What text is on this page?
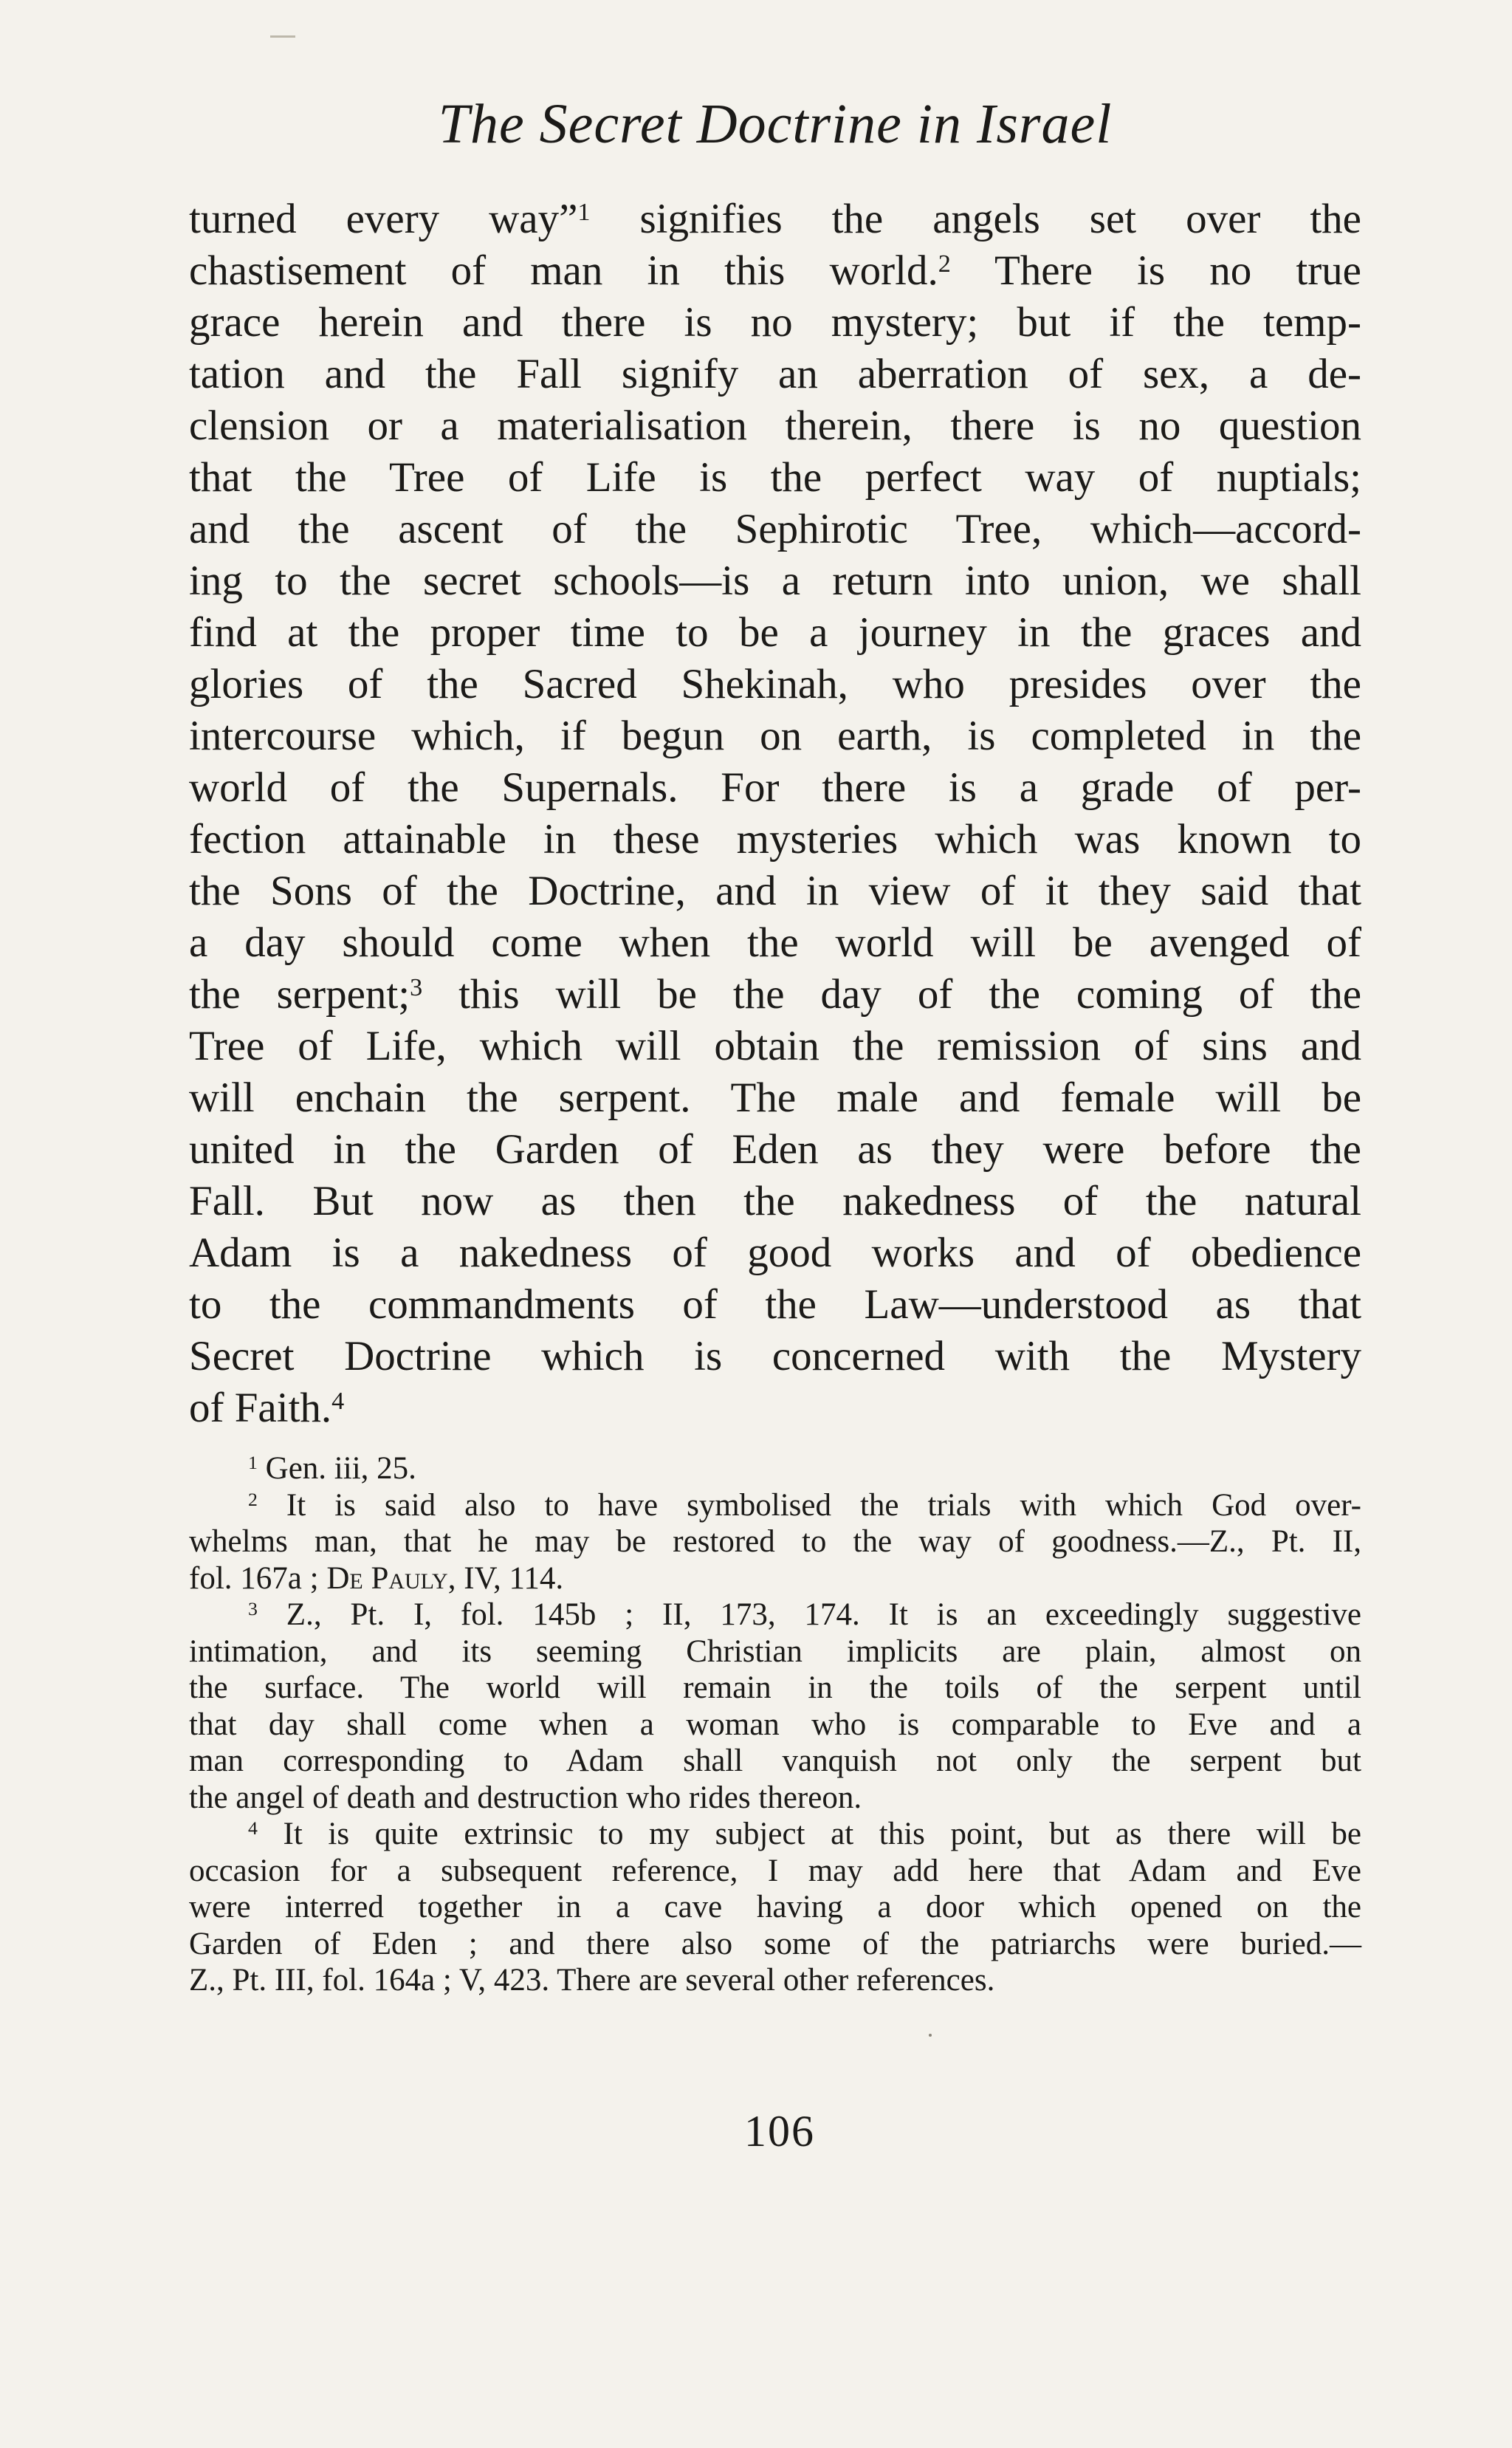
The Secret Doctrine in Israel
turned every way”$^1$ signifies the angels set over the
chastisement of man in this world.$^2$ There is no true
grace herein and there is no mystery; but if the temp-
tation and the Fall signify an aberration of sex, a de-
clension or a materialisation therein, there is no question
that the Tree of Life is the perfect way of nuptials;
and the ascent of the Sephirotic Tree, which—accord-
ing to the secret schools—is a return into union, we shall
find at the proper time to be a journey in the graces and
glories of the Sacred Shekinah, who presides over the
intercourse which, if begun on earth, is completed in the
world of the Supernals. For there is a grade of per-
fection attainable in these mysteries which was known to
the Sons of the Doctrine, and in view of it they said that
a day should come when the world will be avenged of
the serpent;$^3$ this will be the day of the coming of the
Tree of Life, which will obtain the remission of sins and
will enchain the serpent. The male and female will be
united in the Garden of Eden as they were before the
Fall. But now as then the nakedness of the natural
Adam is a nakedness of good works and of obedience
to the commandments of the Law—understood as that
Secret Doctrine which is concerned with the Mystery
of Faith.$^4$
$^1$ Gen. iii, 25.
$^2$ It is said also to have symbolised the trials with which God over-
whelms man, that he may be restored to the way of goodness.—Z., Pt. II,
fol. 167a ; De Pauly, IV, 114.
$^3$ Z., Pt. I, fol. 145b ; II, 173, 174. It is an exceedingly suggestive
intimation, and its seeming Christian implicits are plain, almost on
the surface. The world will remain in the toils of the serpent until
that day shall come when a woman who is comparable to Eve and a
man corresponding to Adam shall vanquish not only the serpent but
the angel of death and destruction who rides thereon.
$^4$ It is quite extrinsic to my subject at this point, but as there will be
occasion for a subsequent reference, I may add here that Adam and Eve
were interred together in a cave having a door which opened on the
Garden of Eden ; and there also some of the patriarchs were buried.—
Z., Pt. III, fol. 164a ; V, 423. There are several other references.
106
